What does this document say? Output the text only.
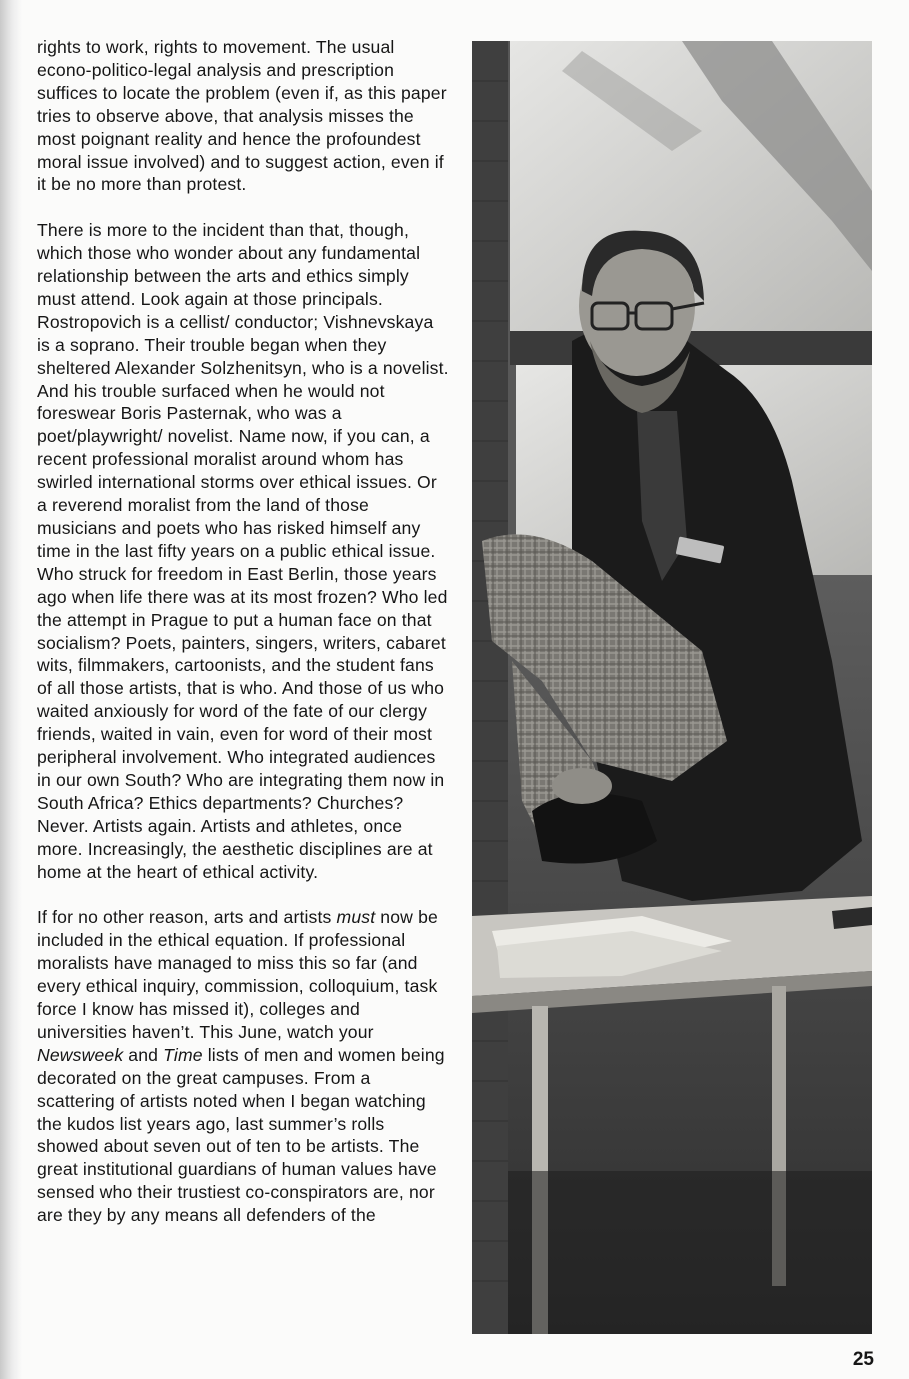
rights to work, rights to movement. The usual econo-politico-legal analysis and prescription suffices to locate the problem (even if, as this paper tries to observe above, that analysis misses the most poignant reality and hence the profoundest moral issue involved) and to suggest action, even if it be no more than protest.

There is more to the incident than that, though, which those who wonder about any fundamental relationship between the arts and ethics simply must attend. Look again at those principals. Rostropovich is a cellist/ conductor; Vishnevskaya is a soprano. Their trouble began when they sheltered Alexander Solzhenitsyn, who is a novelist. And his trouble surfaced when he would not foreswear Boris Pasternak, who was a poet/playwright/ novelist. Name now, if you can, a recent professional moralist around whom has swirled international storms over ethical issues. Or a reverend moralist from the land of those musicians and poets who has risked himself any time in the last fifty years on a public ethical issue. Who struck for freedom in East Berlin, those years ago when life there was at its most frozen? Who led the attempt in Prague to put a human face on that socialism? Poets, painters, singers, writers, cabaret wits, filmmakers, cartoonists, and the student fans of all those artists, that is who. And those of us who waited anxiously for word of the fate of our clergy friends, waited in vain, even for word of their most peripheral involvement. Who integrated audiences in our own South? Who are integrating them now in South Africa? Ethics departments? Churches? Never. Artists again. Artists and athletes, once more. Increasingly, the aesthetic disciplines are at home at the heart of ethical activity.

If for no other reason, arts and artists must now be included in the ethical equation. If professional moralists have managed to miss this so far (and every ethical inquiry, commission, colloquium, task force I know has missed it), colleges and universities haven’t. This June, watch your Newsweek and Time lists of men and women being decorated on the great campuses. From a scattering of artists noted when I began watching the kudos list years ago, last summer’s rolls showed about seven out of ten to be artists. The great institutional guardians of human values have sensed who their trustiest co-conspirators are, nor are they by any means all defenders of the

25
